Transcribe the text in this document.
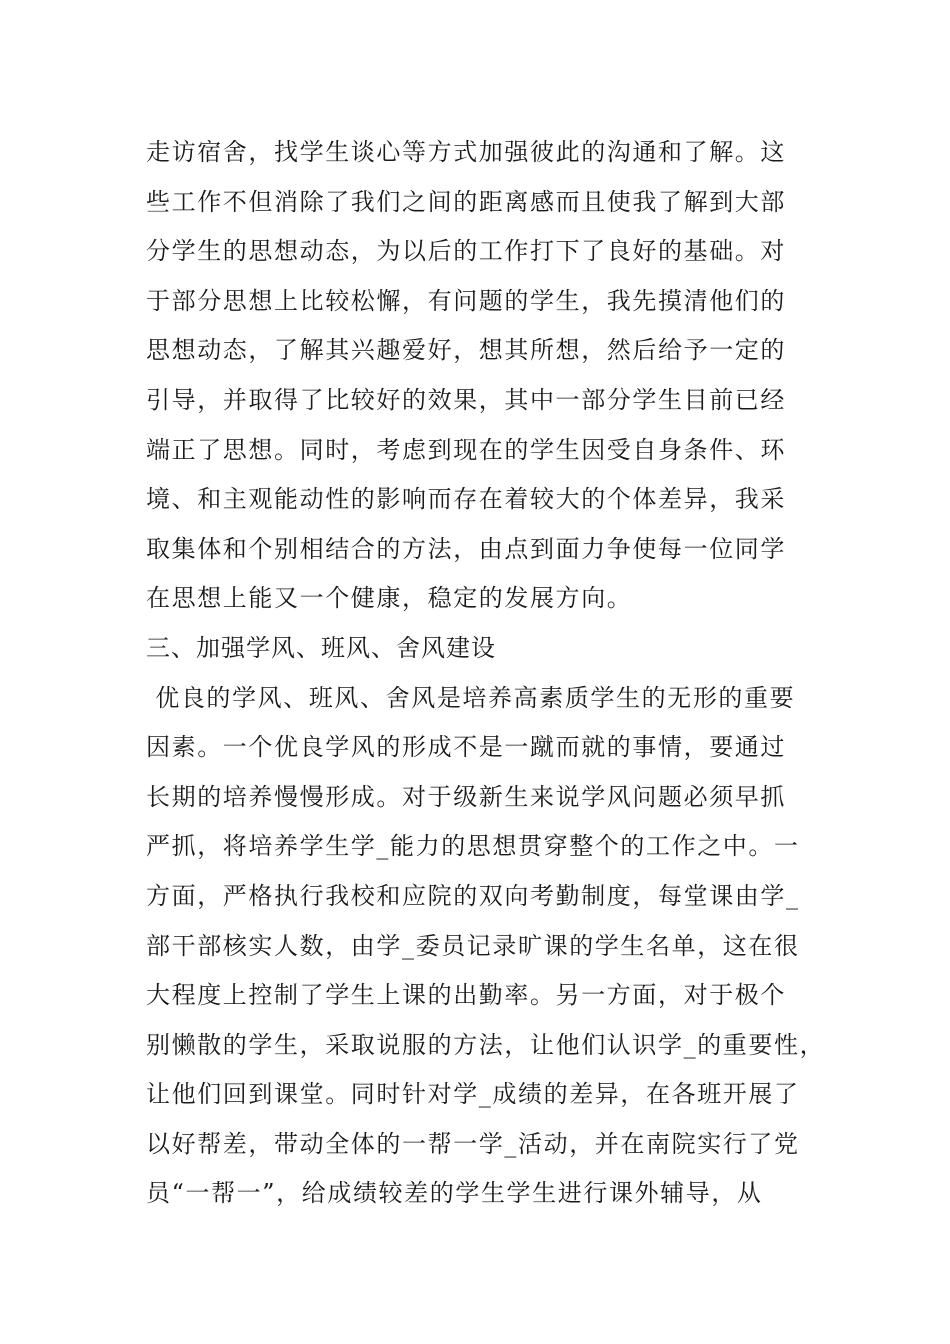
走访宿舍，找学生谈心等方式加强彼此的沟通和了解。这
些工作不但消除了我们之间的距离感而且使我了解到大部
分学生的思想动态，为以后的工作打下了良好的基础。对
于部分思想上比较松懈，有问题的学生，我先摸清他们的
思想动态，了解其兴趣爱好，想其所想，然后给予一定的
引导，并取得了比较好的效果，其中一部分学生目前已经
端正了思想。同时，考虑到现在的学生因受自身条件、环
境、和主观能动性的影响而存在着较大的个体差异，我采
取集体和个别相结合的方法，由点到面力争使每一位同学
在思想上能又一个健康，稳定的发展方向。
三、加强学风、班风、舍风建设
优良的学风、班风、舍风是培养高素质学生的无形的重要
因素。一个优良学风的形成不是一蹴而就的事情，要通过
长期的培养慢慢形成。对于级新生来说学风问题必须早抓
严抓，将培养学生学_能力的思想贯穿整个的工作之中。一
方面，严格执行我校和应院的双向考勤制度，每堂课由学_
部干部核实人数，由学_委员记录旷课的学生名单，这在很
大程度上控制了学生上课的出勤率。另一方面，对于极个
别懒散的学生，采取说服的方法，让他们认识学_的重要性，
让他们回到课堂。同时针对学_成绩的差异，在各班开展了
以好帮差，带动全体的一帮一学_活动，并在南院实行了党
员“一帮一”，给成绩较差的学生学生进行课外辅导，从
